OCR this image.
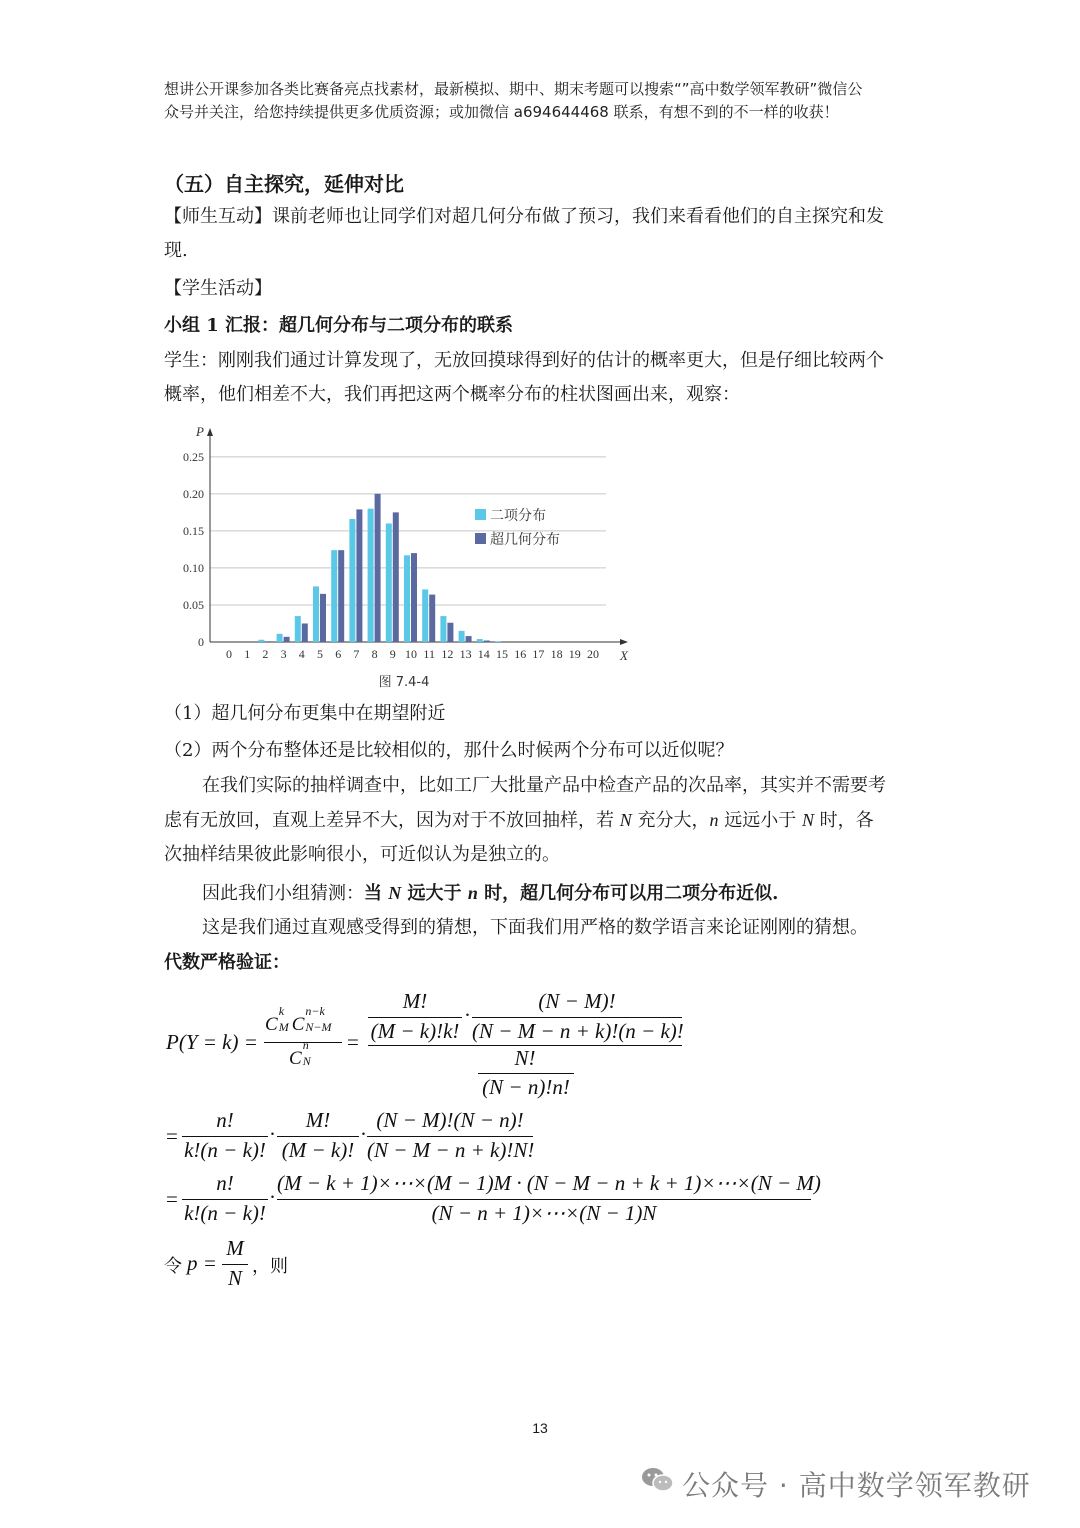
想讲公开课参加各类比赛备亮点找素材，最新模拟、期中、期末考题可以搜索“”高中数学领军教研”微信公
众号并关注，给您持续提供更多优质资源；或加微信 a694644468 联系，有想不到的不一样的收获！
（五）自主探究，延伸对比
【师生互动】课前老师也让同学们对超几何分布做了预习，我们来看看他们的自主探究和发
现.
【学生活动】
小组 1 汇报：超几何分布与二项分布的联系
学生：刚刚我们通过计算发现了，无放回摸球得到好的估计的概率更大，但是仔细比较两个
概率，他们相差不大，我们再把这两个概率分布的柱状图画出来，观察：
0
0.05
0.10
0.15
0.20
0.25
P
X
0 1 2 3 4 5 6 7 8 9 10 11 12 13 14 15 16 17 18 19 20
二项分布
超几何分布
图 7.4-4
（1）超几何分布更集中在期望附近
（2）两个分布整体还是比较相似的，那什么时候两个分布可以近似呢？
在我们实际的抽样调查中，比如工厂大批量产品中检查产品的次品率，其实并不需要考
虑有无放回，直观上差异不大，因为对于不放回抽样，若 N 充分大，n 远远小于 N 时，各
次抽样结果彼此影响很小，可近似认为是独立的。
因此我们小组猜测：当 N 远大于 n 时，超几何分布可以用二项分布近似.
这是我们通过直观感受得到的猜想，下面我们用严格的数学语言来论证刚刚的猜想。
代数严格验证：
P(Y = k) =
C
k
M C
n−k
N−M
C
n
N
=
M!
(M − k)!k!
·
(N − M)!
(N − M − n + k)!(n − k)!
N!
(N − n)!n!
=
n!
k!(n − k)!
·
M!
(M − k)!
·
(N − M)!(N − n)!
(N − M − n + k)!N!
=
n!
k!(n − k)!
·
(M − k + 1)×⋯×(M − 1)M · (N − M − n + k + 1)×⋯×(N − M)
(N − n + 1)×⋯×(N − 1)N
令 p =
M
N ，则
13
公众号 · 高中数学领军教研
